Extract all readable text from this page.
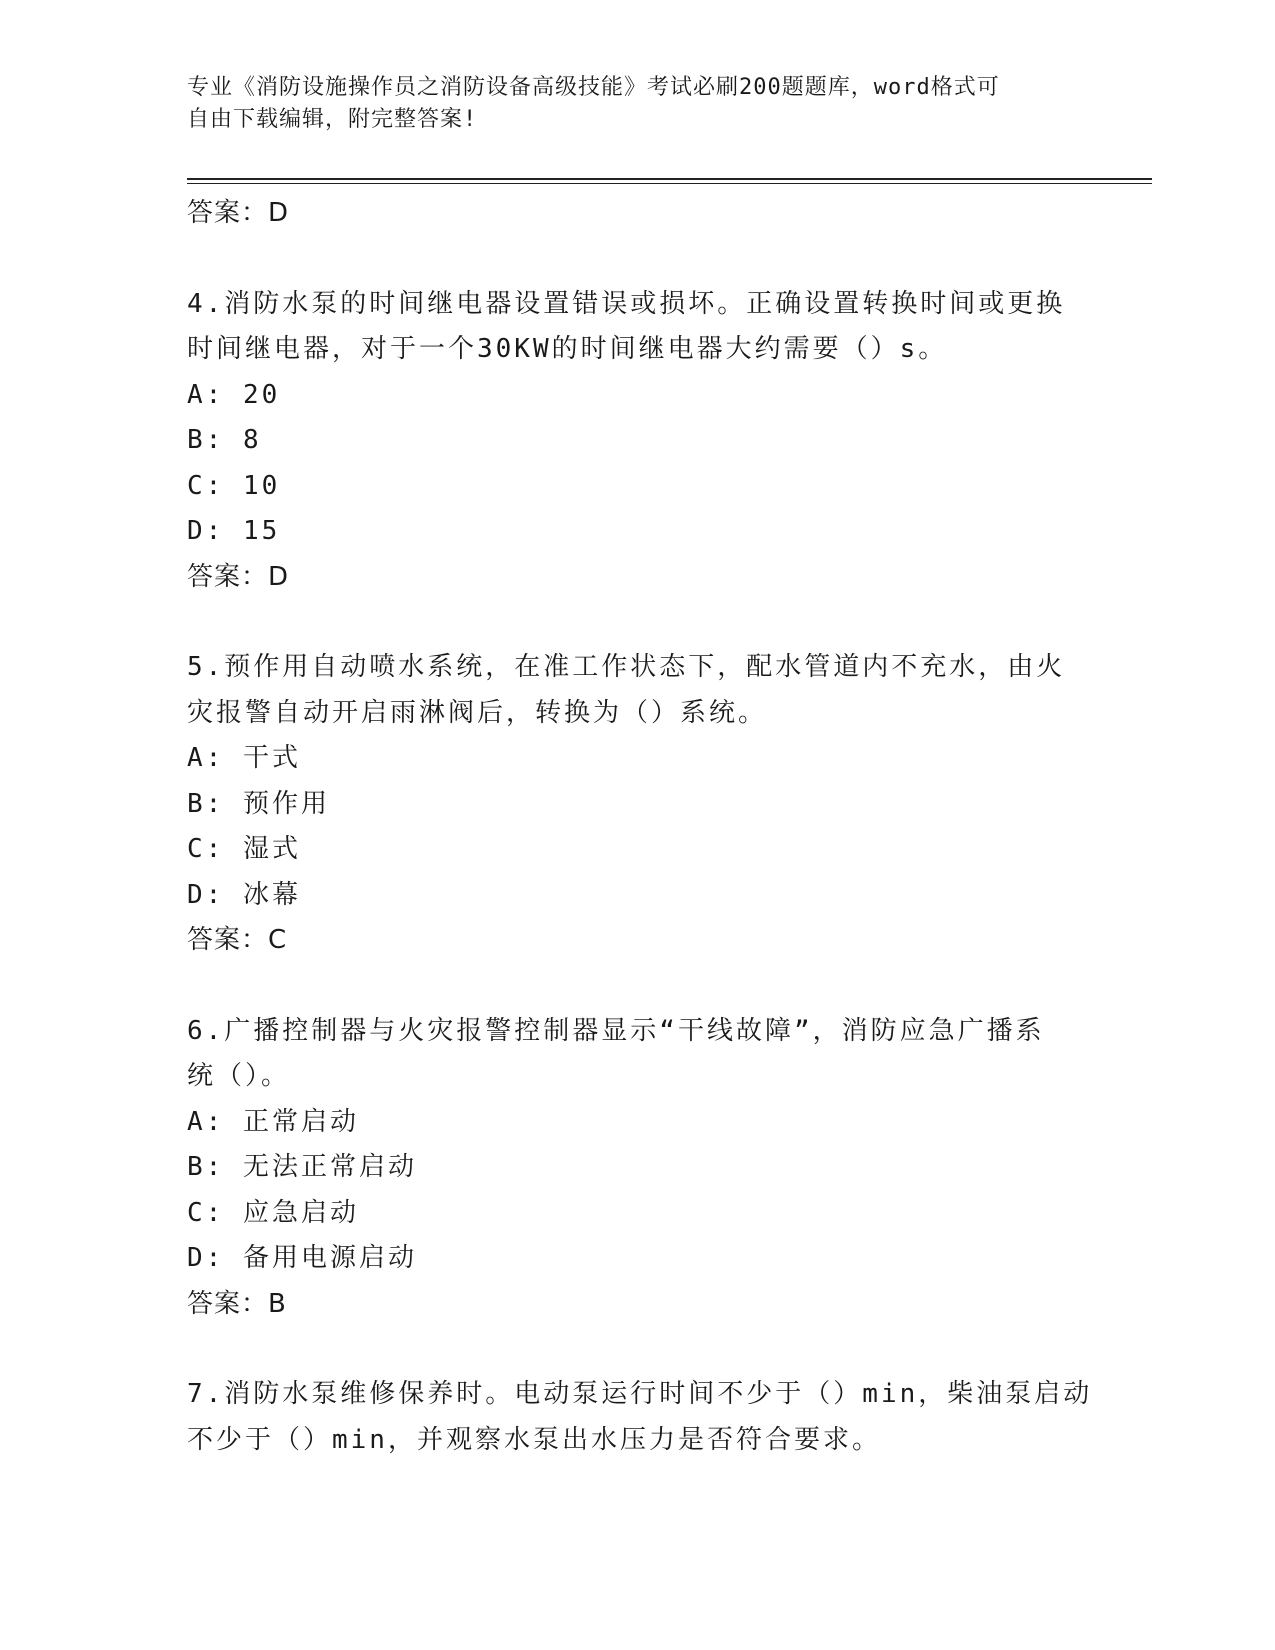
专业《消防设施操作员之消防设备高级技能》考试必刷200题题库，word格式可
自由下载编辑，附完整答案!
答案：D
4.消防水泵的时间继电器设置错误或损坏。正确设置转换时间或更换
时间继电器，对于一个30KW的时间继电器大约需要（）s。
A: 20
B: 8
C: 10
D: 15
答案：D
5.预作用自动喷水系统，在准工作状态下，配水管道内不充水，由火
灾报警自动开启雨淋阀后，转换为（）系统。
A: 干式
B: 预作用
C: 湿式
D: 冰幕
答案：C
6.广播控制器与火灾报警控制器显示“干线故障”，消防应急广播系
统（）。
A: 正常启动
B: 无法正常启动
C: 应急启动
D: 备用电源启动
答案：B
7.消防水泵维修保养时。电动泵运行时间不少于（）min，柴油泵启动
不少于（）min，并观察水泵出水压力是否符合要求。
